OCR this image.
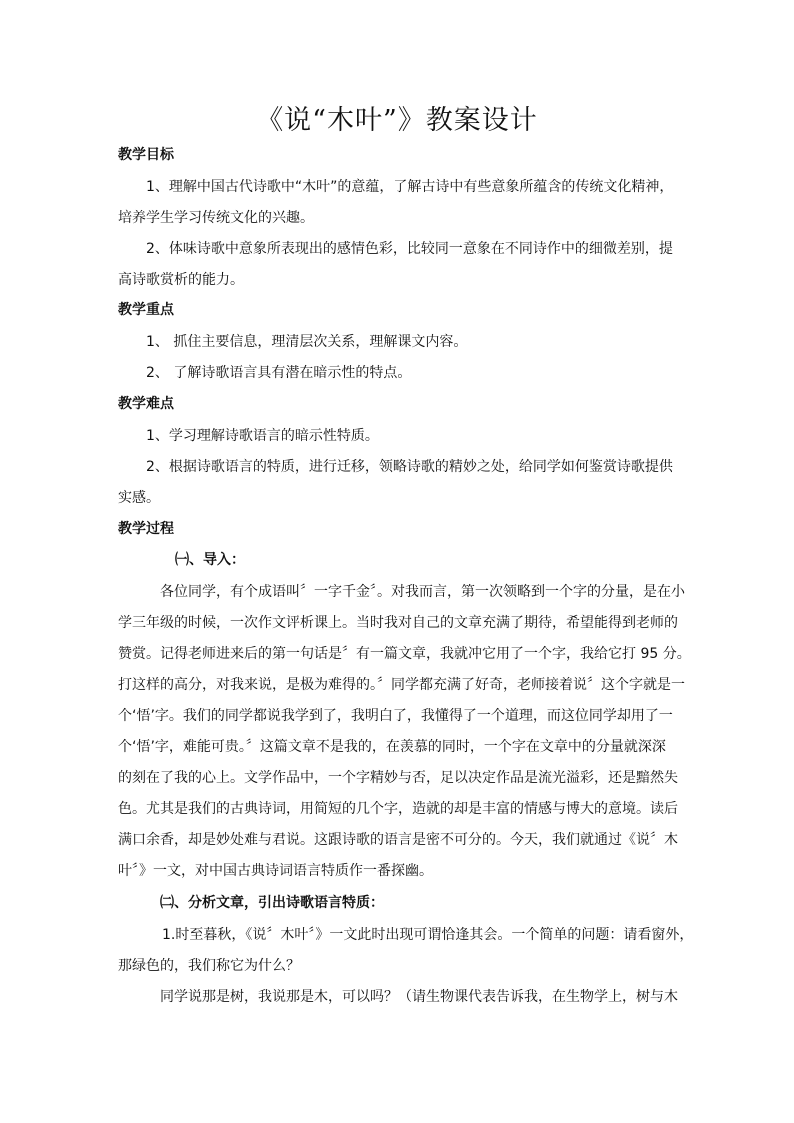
《说“木叶”》教案设计
教学目标
1、理解中国古代诗歌中“木叶”的意蕴，了解古诗中有些意象所蕴含的传统文化精神，
培养学生学习传统文化的兴趣。
2、体味诗歌中意象所表现出的感情色彩，比较同一意象在不同诗作中的细微差别，提
高诗歌赏析的能力。
教学重点
1、 抓住主要信息，理清层次关系，理解课文内容。
2、 了解诗歌语言具有潜在暗示性的特点。
教学难点
1、学习理解诗歌语言的暗示性特质。
2、根据诗歌语言的特质，进行迁移，领略诗歌的精妙之处，给同学如何鉴赏诗歌提供
实感。
教学过程
㈠、导入：
各位同学，有个成语叫〞一字千金〞。对我而言，第一次领略到一个字的分量，是在小
学三年级的时候，一次作文评析课上。当时我对自己的文章充满了期待，希望能得到老师的
赞赏。记得老师进来后的第一句话是〞有一篇文章，我就冲它用了一个字，我给它打 95 分。
打这样的高分，对我来说，是极为难得的。〞同学都充满了好奇，老师接着说〞这个字就是一
个‘悟’字。我们的同学都说我学到了，我明白了，我懂得了一个道理，而这位同学却用了一
个‘悟’字，难能可贵。〞这篇文章不是我的，在羡慕的同时，一个字在文章中的分量就深深
的刻在了我的心上。文学作品中，一个字精妙与否，足以决定作品是流光溢彩，还是黯然失
色。尤其是我们的古典诗词，用简短的几个字，造就的却是丰富的情感与博大的意境。读后
满口余香，却是妙处难与君说。这跟诗歌的语言是密不可分的。今天，我们就通过《说〞木
叶〞》一文，对中国古典诗词语言特质作一番探幽。
㈡、分析文章，引出诗歌语言特质：
1.时至暮秋，《说〞木叶〞》一文此时出现可谓恰逢其会。一个简单的问题：请看窗外，
那绿色的，我们称它为什么？
同学说那是树，我说那是木，可以吗？（请生物课代表告诉我，在生物学上，树与木
